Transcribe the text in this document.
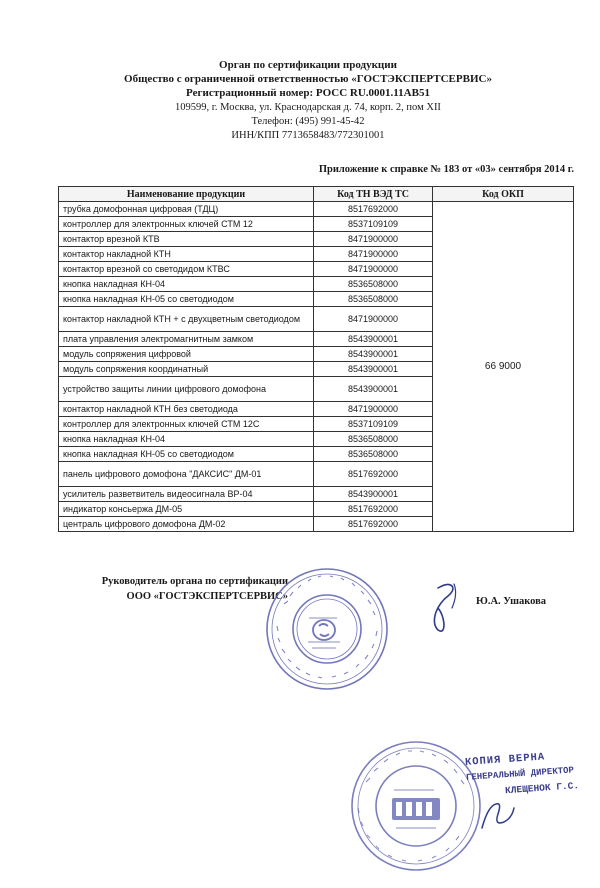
Орган по сертификации продукции
Общество с ограниченной ответственностью «ГОСТЭКСПЕРТСЕРВИС»
Регистрационный номер: РОСС RU.0001.11АВ51
109599, г. Москва, ул. Краснодарская д. 74, корп. 2, пом XII
Телефон: (495) 991-45-42
ИНН/КПП 7713658483/772301001
Приложение к справке № 183 от «03» сентября 2014 г.
Наименование продукции	Код ТН ВЭД ТС	Код ОКП
трубка домофонная цифровая (ТДЦ)	8517692000	66 9000
контроллер для электронных ключей СТМ 12	8537109109	
контактор врезной КТВ	8471900000	
контактор накладной КТН	8471900000	
контактор врезной со светодидом КТВС	8471900000	
кнопка накладная КН-04	8536508000	
кнопка накладная КН-05 со светодиодом	8536508000	
контактор накладной КТН + с двухцветным светодиодом	8471900000	
плата управления электромагнитным замком	8543900001	
модуль сопряжения цифровой	8543900001	
модуль сопряжения координатный	8543900001	
устройство защиты линии цифрового домофона	8543900001	
контактор накладной КТН без светодиода	8471900000	
контроллер для электронных ключей СТМ 12С	8537109109	
кнопка накладная КН-04	8536508000	
кнопка накладная КН-05 со светодиодом	8536508000	
панель цифрового домофона "ДАКСИС" ДМ-01	8517692000	
усилитель разветвитель видеосигнала ВР-04	8543900001	
индикатор консьержа ДМ-05	8517692000	
централь цифрового домофона ДМ-02	8517692000	
Руководитель органа по сертификации
ООО «ГОСТЭКСПЕРТСЕРВИС»	Ю.А. Ушакова
КОПИЯ ВЕРНА
ГЕНЕРАЛЬНЫЙ ДИРЕКТОР
КЛЕЩЕНОК Г.С.
